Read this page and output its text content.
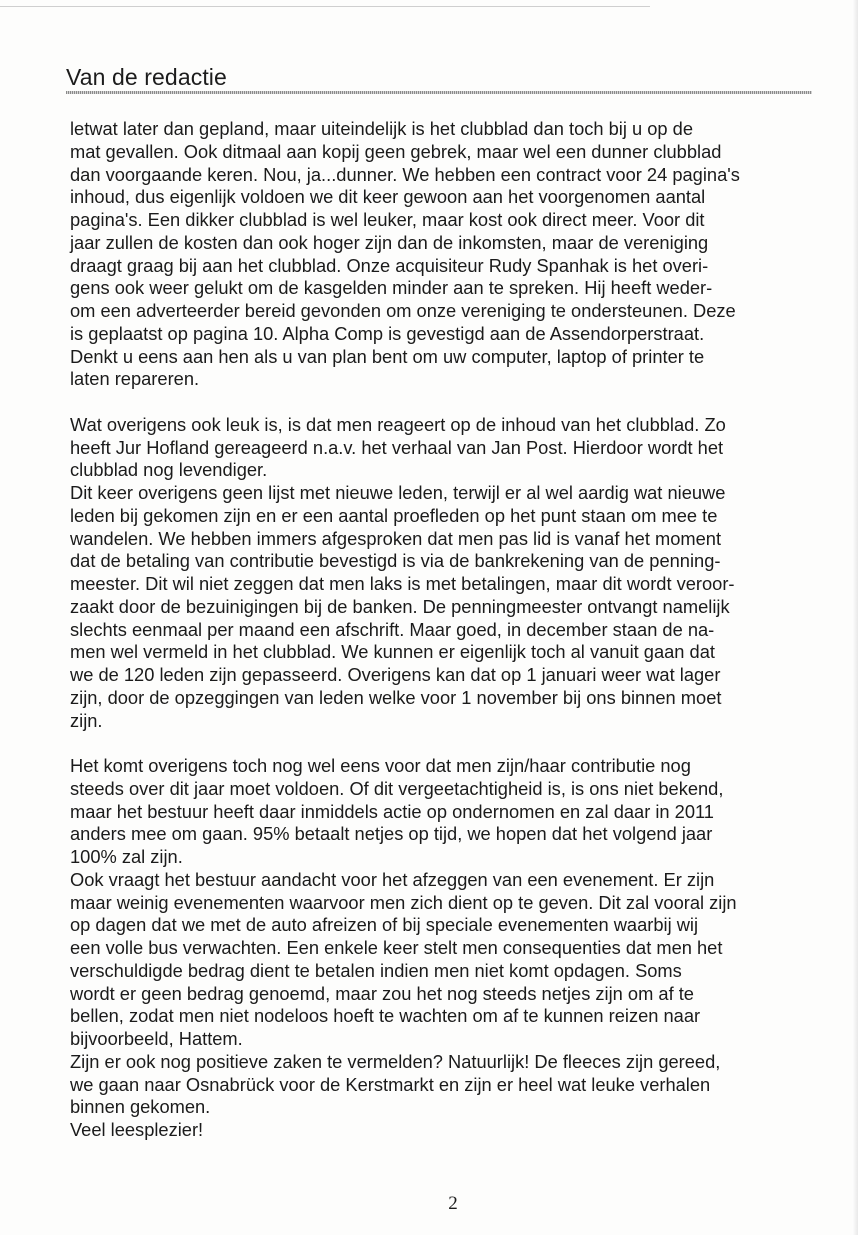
Van de redactie
letwat later dan gepland, maar uiteindelijk is het clubblad dan toch bij u op de
mat gevallen. Ook ditmaal aan kopij geen gebrek, maar wel een dunner clubblad
dan voorgaande keren. Nou, ja...dunner. We hebben een contract voor 24 pagina's
inhoud, dus eigenlijk voldoen we dit keer gewoon aan het voorgenomen aantal
pagina's. Een dikker clubblad is wel leuker, maar kost ook direct meer. Voor dit
jaar zullen de kosten dan ook hoger zijn dan de inkomsten, maar de vereniging
draagt graag bij aan het clubblad. Onze acquisiteur Rudy Spanhak is het overi-
gens ook weer gelukt om de kasgelden minder aan te spreken. Hij heeft weder-
om een adverteerder bereid gevonden om onze vereniging te ondersteunen. Deze
is geplaatst op pagina 10. Alpha Comp is gevestigd aan de Assendorperstraat.
Denkt u eens aan hen als u van plan bent om uw computer, laptop of printer te
laten repareren.
Wat overigens ook leuk is, is dat men reageert op de inhoud van het clubblad. Zo
heeft Jur Hofland gereageerd n.a.v. het verhaal van Jan Post. Hierdoor wordt het
clubblad nog levendiger.
Dit keer overigens geen lijst met nieuwe leden, terwijl er al wel aardig wat nieuwe
leden bij gekomen zijn en er een aantal proefleden op het punt staan om mee te
wandelen. We hebben immers afgesproken dat men pas lid is vanaf het moment
dat de betaling van contributie bevestigd is via de bankrekening van de penning-
meester. Dit wil niet zeggen dat men laks is met betalingen, maar dit wordt veroor-
zaakt door de bezuinigingen bij de banken. De penningmeester ontvangt namelijk
slechts eenmaal per maand een afschrift. Maar goed, in december staan de na-
men wel vermeld in het clubblad. We kunnen er eigenlijk toch al vanuit gaan dat
we de 120 leden zijn gepasseerd. Overigens kan dat op 1 januari weer wat lager
zijn, door de opzeggingen van leden welke voor 1 november bij ons binnen moet
zijn.
Het komt overigens toch nog wel eens voor dat men zijn/haar contributie nog
steeds over dit jaar moet voldoen. Of dit vergeetachtigheid is, is ons niet bekend,
maar het bestuur heeft daar inmiddels actie op ondernomen en zal daar in 2011
anders mee om gaan. 95% betaalt netjes op tijd, we hopen dat het volgend jaar
100% zal zijn.
Ook vraagt het bestuur aandacht voor het afzeggen van een evenement. Er zijn
maar weinig evenementen waarvoor men zich dient op te geven. Dit zal vooral zijn
op dagen dat we met de auto afreizen of bij speciale evenementen waarbij wij
een volle bus verwachten. Een enkele keer stelt men consequenties dat men het
verschuldigde bedrag dient te betalen indien men niet komt opdagen. Soms
wordt er geen bedrag genoemd, maar zou het nog steeds netjes zijn om af te
bellen, zodat men niet nodeloos hoeft te wachten om af te kunnen reizen naar
bijvoorbeeld, Hattem.
Zijn er ook nog positieve zaken te vermelden? Natuurlijk! De fleeces zijn gereed,
we gaan naar Osnabrück voor de Kerstmarkt en zijn er heel wat leuke verhalen
binnen gekomen.
Veel leesplezier!
2
